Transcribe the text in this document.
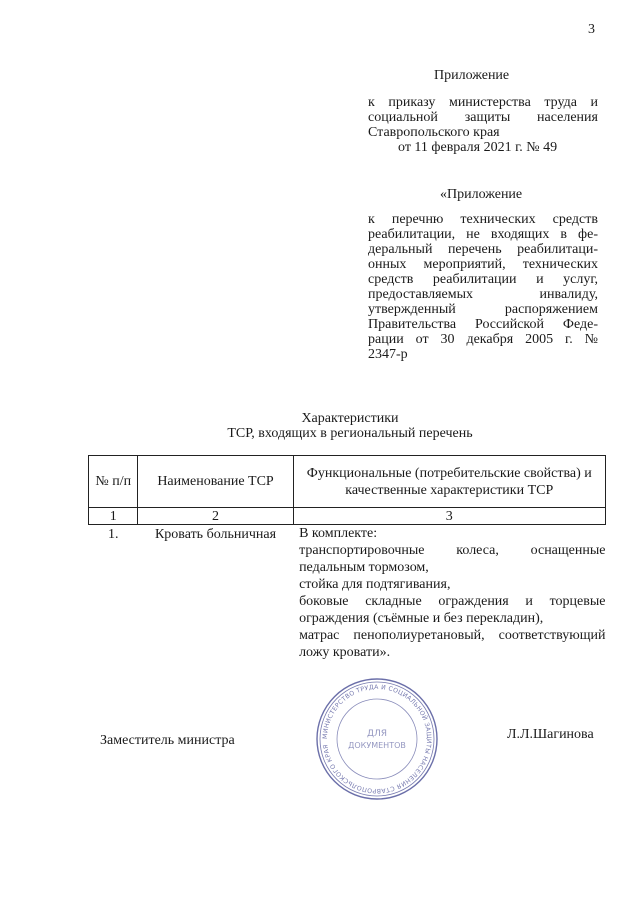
3
Приложение
к приказу министерства труда и
социальной защиты населения
Ставропольского края
от 11 февраля 2021 г. № 49
«Приложение
к перечню технических средств
реабилитации, не входящих в фе-
деральный перечень реабилитаци-
онных мероприятий, технических
средств реабилитации и услуг,
предоставляемых инвалиду,
утвержденный распоряжением
Правительства Российской Феде-
рации от 30 декабря 2005 г. №
2347-р
Характеристики
ТСР, входящих в региональный перечень
№ п/п	Наименование ТСР	Функциональные (потребительские свойства) и качественные характеристики ТСР
1	2	3
1.	Кровать больничная	В комплекте:
транспортировочные колеса, оснащенные педальным тормозом,
стойка для подтягивания,
боковые складные ограждения и торцевые ограждения (съёмные и без перекладин),
матрас пенополиуретановый, соответствующий ложу кровати».
Заместитель министра	Л.Л.Шагинова
МИНИСТЕРСТВО ТРУДА И СОЦИАЛЬНОЙ ЗАЩИТЫ НАСЕЛЕНИЯ СТАВРОПОЛЬСКОГО КРАЯ
ДЛЯ
ДОКУМЕНТОВ
